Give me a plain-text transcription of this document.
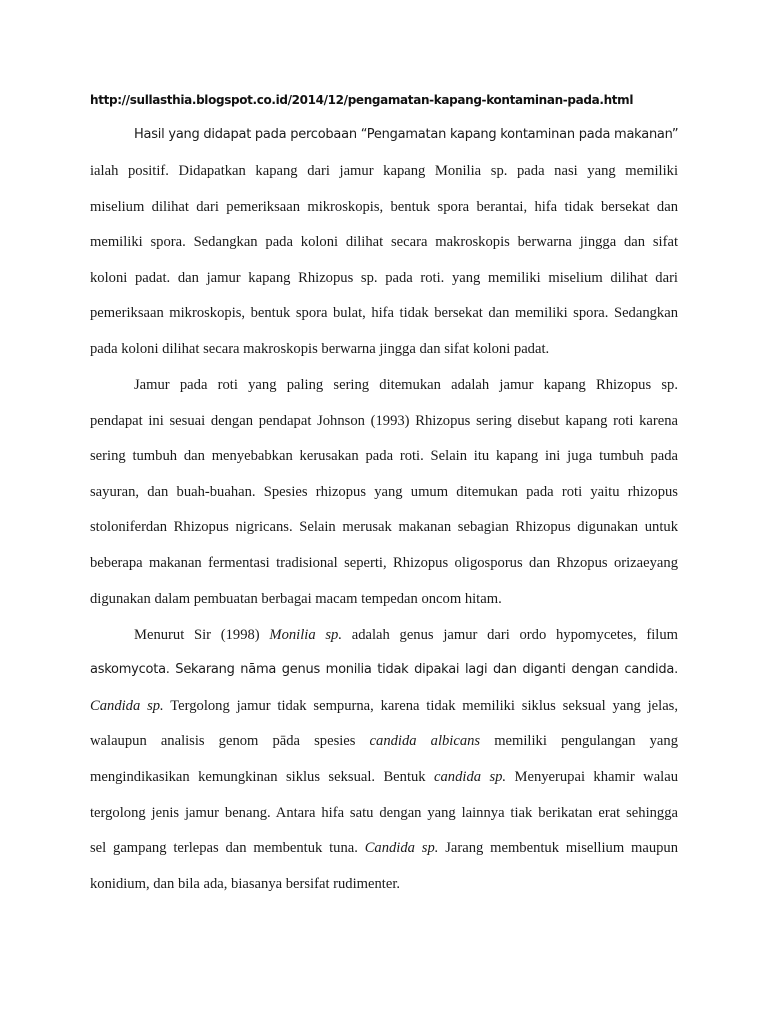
http://sullasthia.blogspot.co.id/2014/12/pengamatan-kapang-kontaminan-pada.html
Hasil yang didapat pada percobaan “Pengamatan kapang kontaminan pada makanan”
ialah positif. Didapatkan kapang dari jamur kapang Monilia sp. pada nasi yang memiliki
miselium dilihat dari pemeriksaan mikroskopis, bentuk spora berantai, hifa tidak bersekat dan
memiliki spora. Sedangkan pada koloni dilihat secara makroskopis berwarna jingga dan sifat
koloni padat. dan jamur kapang Rhizopus sp. pada roti. yang memiliki miselium dilihat dari
pemeriksaan mikroskopis, bentuk spora bulat, hifa tidak bersekat dan memiliki spora. Sedangkan
pada koloni dilihat secara makroskopis berwarna jingga dan sifat koloni padat.
Jamur pada roti yang paling sering ditemukan adalah jamur kapang Rhizopus sp.
pendapat ini sesuai dengan pendapat Johnson (1993) Rhizopus sering disebut kapang roti karena
sering tumbuh dan menyebabkan kerusakan pada roti. Selain itu kapang ini juga tumbuh pada
sayuran, dan buah-buahan. Spesies rhizopus yang umum ditemukan pada roti yaitu rhizopus
stoloniferdan Rhizopus nigricans. Selain merusak makanan sebagian Rhizopus digunakan untuk
beberapa makanan fermentasi tradisional seperti, Rhizopus oligosporus dan Rhzopus orizaeyang
digunakan dalam pembuatan berbagai macam tempedan oncom hitam.
Menurut Sir (1998) Monilia sp. adalah genus jamur dari ordo hypomycetes, filum
askomycota. Sekarang nāma genus monilia tidak dipakai lagi dan diganti dengan candida.
Candida sp. Tergolong jamur tidak sempurna, karena tidak memiliki siklus seksual yang jelas,
walaupun analisis genom pāda spesies candida albicans memiliki pengulangan yang
mengindikasikan kemungkinan siklus seksual. Bentuk candida sp. Menyerupai khamir walau
tergolong jenis jamur benang. Antara hifa satu dengan yang lainnya tiak berikatan erat sehingga
sel gampang terlepas dan membentuk tuna. Candida sp. Jarang membentuk misellium maupun
konidium, dan bila ada, biasanya bersifat rudimenter.
